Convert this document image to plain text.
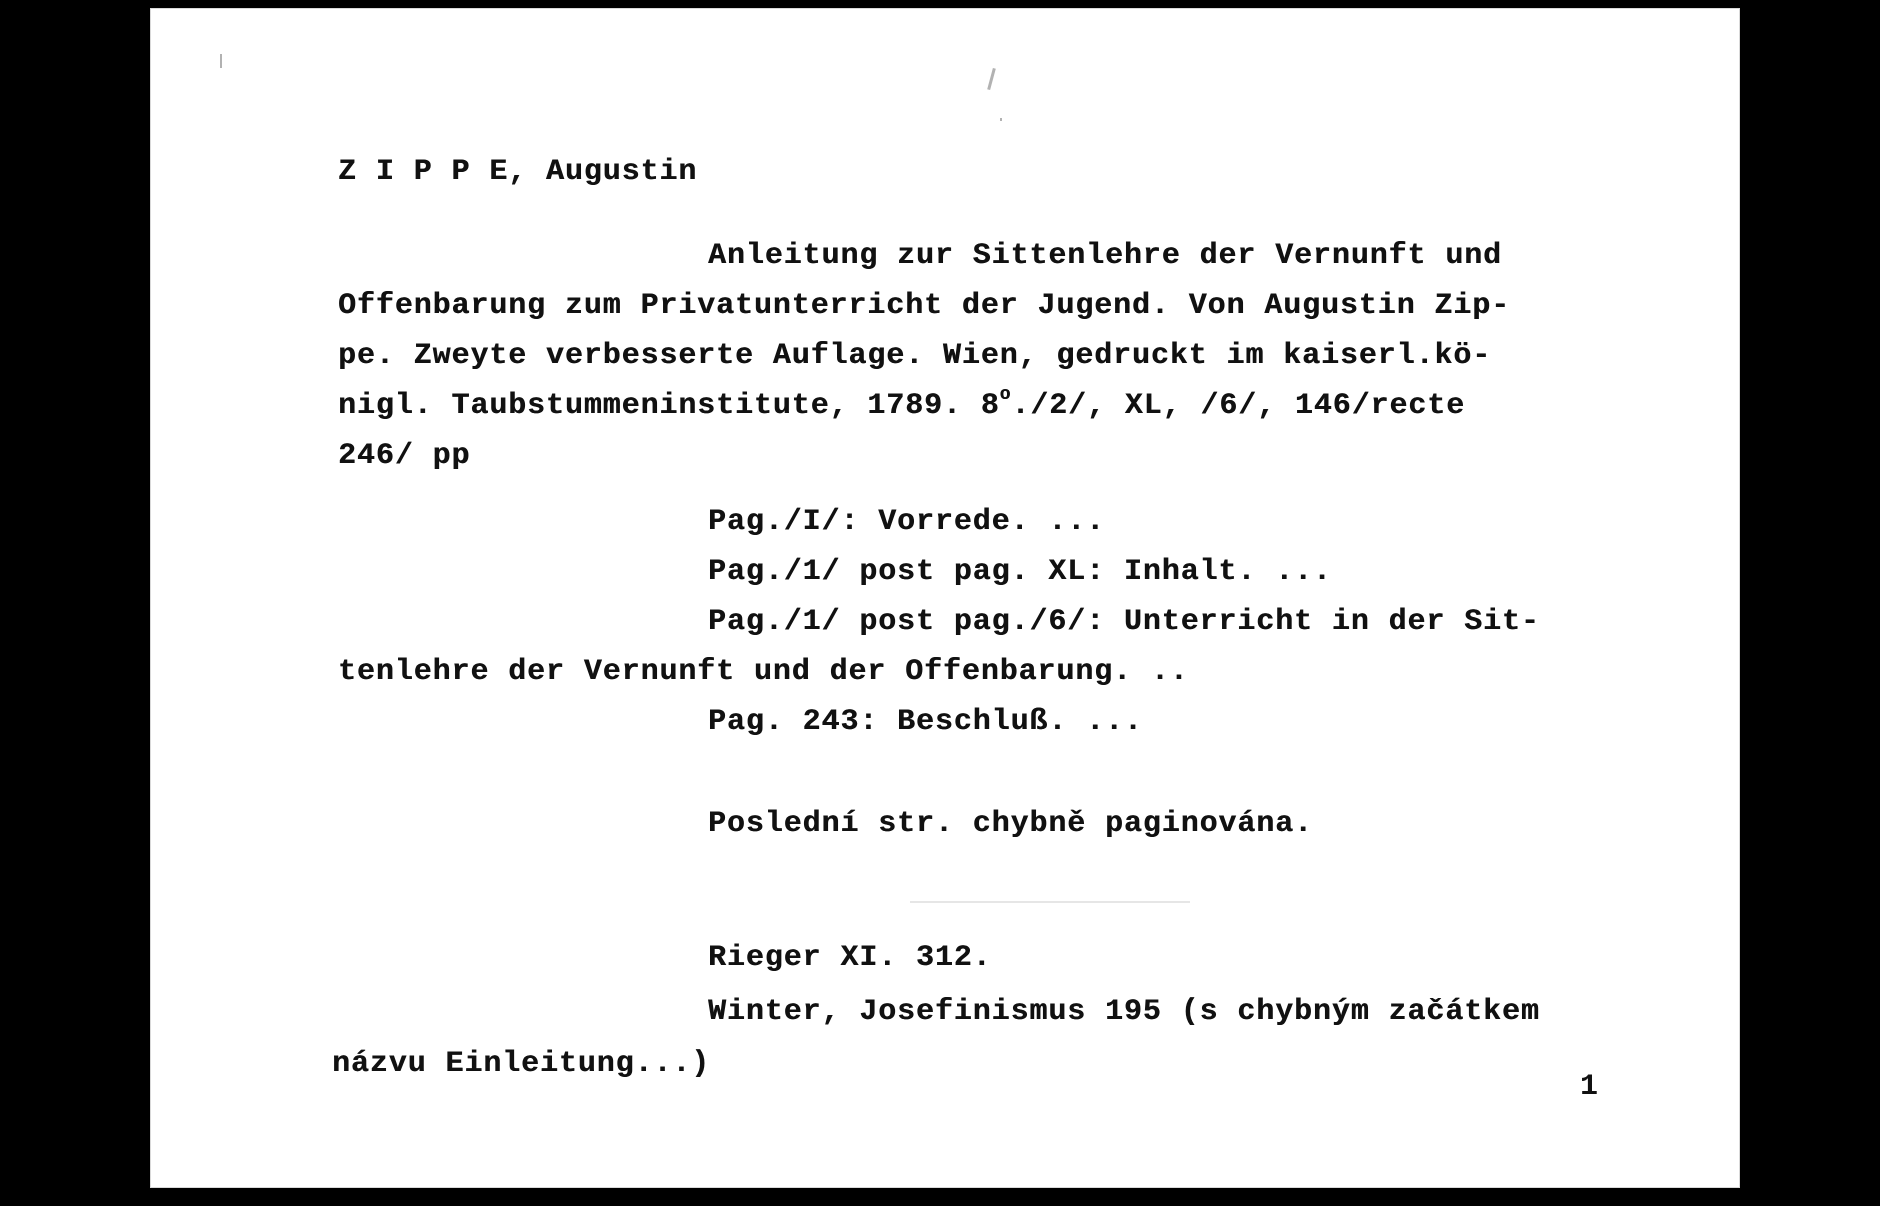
Z I P P E, Augustin

Anleitung zur Sittenlehre der Vernunft und

Offenbarung zum Privatunterricht der Jugend. Von Augustin Zip-

pe. Zweyte verbesserte Auflage. Wien, gedruckt im kaiserl.kö-

nigl. Taubstummeninstitute, 1789. 8$^o$./2/, XL, /6/, 146/recte

246/ pp

Pag./I/: Vorrede. ...

Pag./1/ post pag. XL: Inhalt. ...

Pag./1/ post pag./6/: Unterricht in der Sit-

tenlehre der Vernunft und der Offenbarung. ..

Pag. 243: Beschluß. ...

Poslední str. chybně paginována.

Rieger XI. 312.

Winter, Josefinismus 195 (s chybným začátkem

názvu Einleitung...)

1
